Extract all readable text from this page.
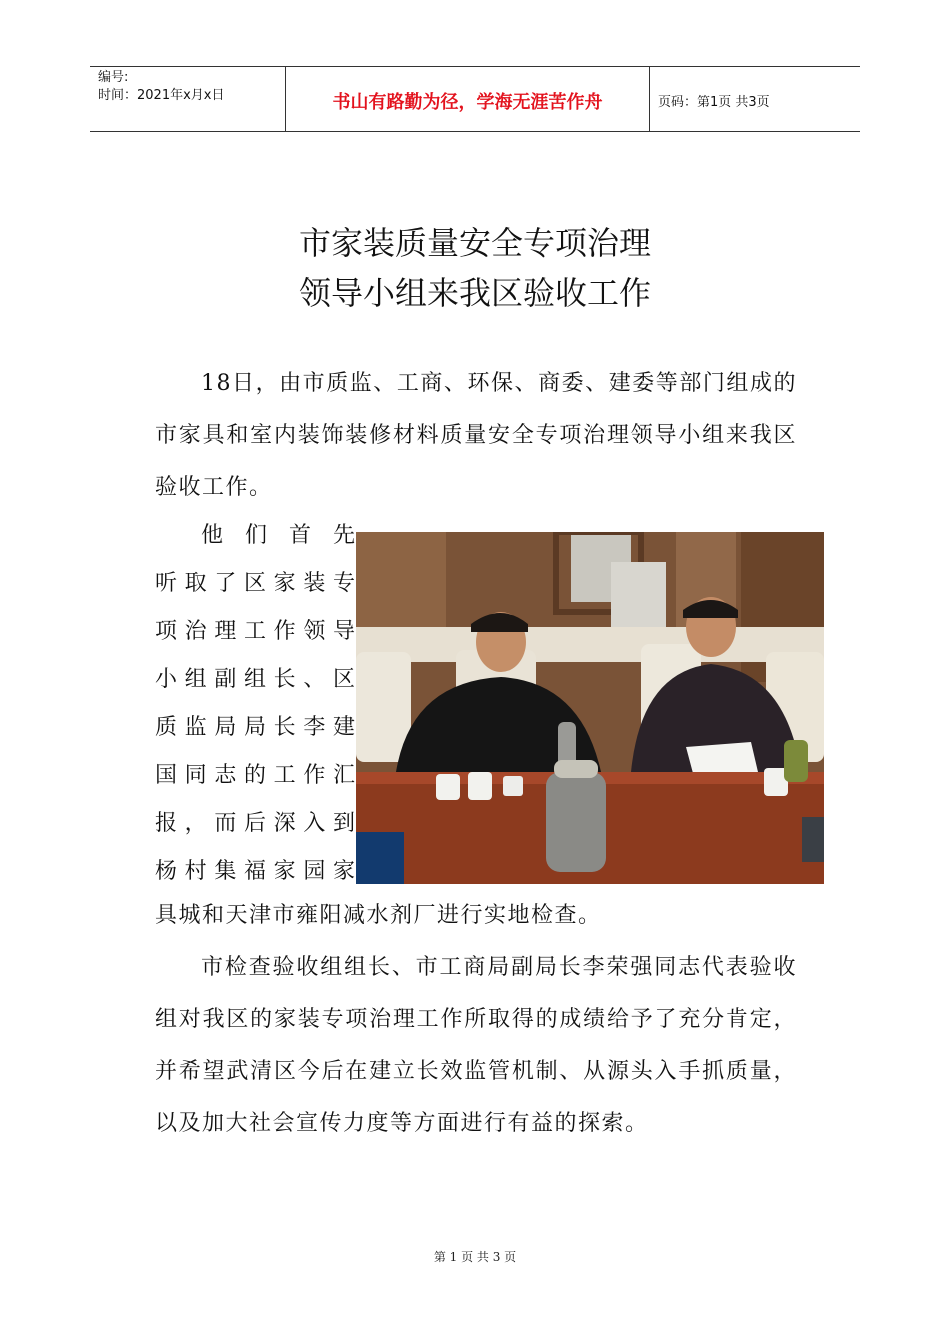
编号:
时间：2021年x月x日	书山有路勤为径，学海无涯苦作舟	页码：第1页 共3页
市家装质量安全专项治理
领导小组来我区验收工作
18日，由市质监、工商、环保、商委、建委等部门组成的市家具和室内装饰装修材料质量安全专项治理领导小组来我区验收工作。
他们首先
听取了区家装专
项治理工作领导
小组副组长、区
质监局局长李建
国同志的工作汇
报，而后深入到
杨村集福家园家
具城和天津市雍阳减水剂厂进行实地检查。
市检查验收组组长、市工商局副局长李荣强同志代表验收组对我区的家装专项治理工作所取得的成绩给予了充分肯定，并希望武清区今后在建立长效监管机制、从源头入手抓质量，以及加大社会宣传力度等方面进行有益的探索。
第 1 页 共 3 页
